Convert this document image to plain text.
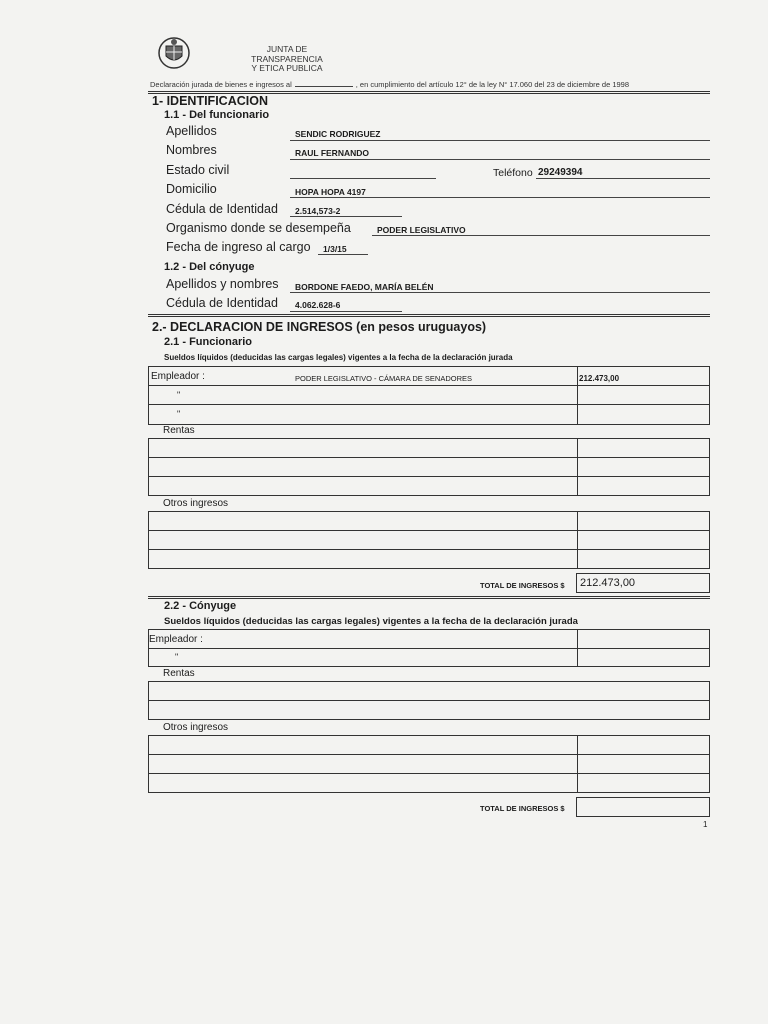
JUNTA DE TRANSPARENCIA
Y ETICA PUBLICA
Declaración jurada de bienes e ingresos al	, en cumplimiento del artículo 12° de la ley N° 17.060 del 23 de diciembre de 1998
1- IDENTIFICACION
1.1 - Del funcionario
Apellidos	SENDIC RODRIGUEZ
Nombres	RAUL FERNANDO
Estado civil	Teléfono 29249394
Domicilio	HOPA HOPA 4197
Cédula de Identidad 2.514,573-2
Organismo donde se desempeña	PODER LEGISLATIVO
Fecha de ingreso al cargo 1/3/15
1.2 - Del cónyuge
Apellidos y nombres BORDONE FAEDO, MARÍA BELÉN
Cédula de Identidad 4.062.628-6
2.- DECLARACION DE INGRESOS (en pesos uruguayos)
2.1 - Funcionario
Sueldos líquidos (deducidas las cargas legales) vigentes a la fecha de la declaración jurada
Empleador :	PODER LEGISLATIVO - CÁMARA DE SENADORES	212.473,00
"
"
Rentas
Otros ingresos
TOTAL DE INGRESOS $ 212.473,00
2.2 - Cónyuge
Sueldos líquidos (deducidas las cargas legales) vigentes a la fecha de la declaración jurada
Empleador :
"
Rentas
Otros ingresos
TOTAL DE INGRESOS $
1
